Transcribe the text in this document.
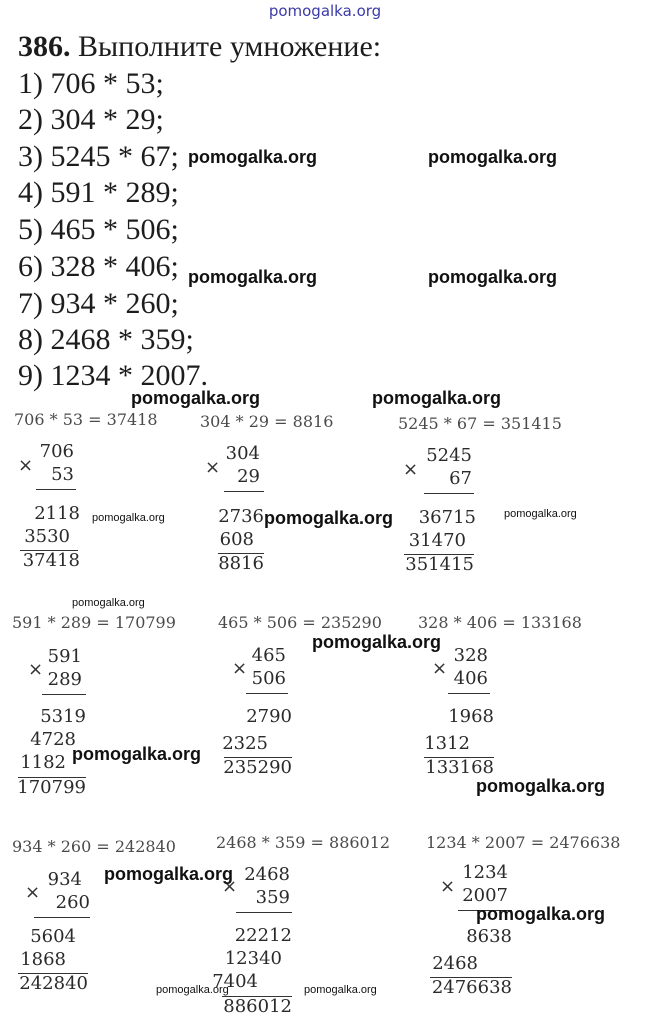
pomogalka.org
386. Выполните умножение:
1) 706 * 53;
2) 304 * 29;
3) 5245 * 67;
4) 591 * 289;
5) 465 * 506;
6) 328 * 406;
7) 934 * 260;
8) 2468 * 359;
9) 1234 * 2007.
706 * 53 = 37418
×
706
53
2118
3530
37418
304 * 29 = 8816
×
304
29
2736
608
8816
5245 * 67 = 351415
×
5245
67
36715
31470
351415
591 * 289 = 170799
×
591
289
5319
4728
1182
170799
465 * 506 = 235290
×
465
506
2790
2325
235290
328 * 406 = 133168
×
328
406
1968
1312
133168
934 * 260 = 242840
×
934
260
5604
1868
242840
2468 * 359 = 886012
×
2468
359
22212
12340
7404
886012
1234 * 2007 = 2476638
×
1234
2007
8638
2468
2476638
pomogalka.org	pomogalka.org
pomogalka.org	pomogalka.org
pomogalka.org	pomogalka.org
pomogalka.org	pomogalka.org	pomogalka.org
pomogalka.org
pomogalka.org
pomogalka.org
pomogalka.org
pomogalka.org
pomogalka.org
pomogalka.org	pomogalka.org
